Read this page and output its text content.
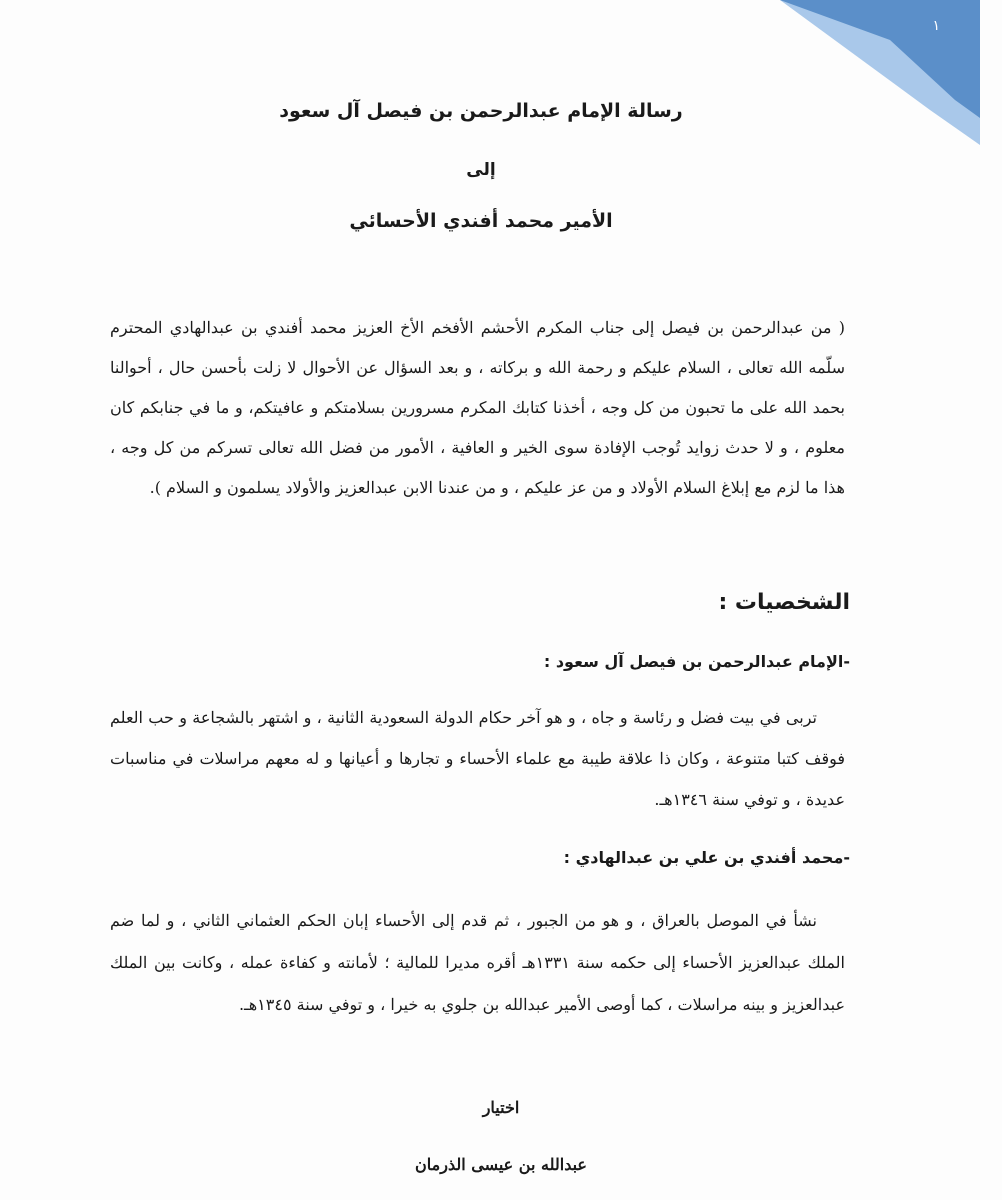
١
رسالة الإمام عبدالرحمن بن فيصل آل سعود
إلى
الأمير محمد أفندي الأحسائي
( من عبدالرحمن بن فيصل إلى جناب المكرم الأحشم الأفخم الأخ العزيز محمد أفندي بن عبدالهادي المحترم سلّمه الله تعالى ، السلام عليكم و رحمة الله و بركاته ، و بعد السؤال عن الأحوال لا زلت بأحسن حال ، أحوالنا بحمد الله على ما تحبون من كل وجه ، أخذنا كتابك المكرم مسرورين بسلامتكم و عافيتكم، و ما في جنابكم كان معلوم ، و لا حدث زوايد تُوجب الإفادة سوى الخير و العافية ، الأمور من فضل الله تعالى تسركم من كل وجه ، هذا ما لزم مع إبلاغ السلام الأولاد و من عز عليكم ، و من عندنا الابن عبدالعزيز والأولاد يسلمون و السلام ).
الشخصيات :
-الإمام عبدالرحمن بن فيصل آل سعود :
تربى في بيت فضل و رئاسة و جاه ، و هو آخر حكام الدولة السعودية الثانية ، و اشتهر بالشجاعة و حب العلم فوقف كتبا متنوعة ، وكان ذا علاقة طيبة مع علماء الأحساء و تجارها و أعيانها و له معهم مراسلات في مناسبات عديدة ، و توفي سنة ١٣٤٦هـ.
-محمد أفندي بن علي بن عبدالهادي :
نشأ في الموصل بالعراق ، و هو من الجبور ، ثم قدم إلى الأحساء إبان الحكم العثماني الثاني ، و لما ضم الملك عبدالعزيز الأحساء إلى حكمه سنة ١٣٣١هـ أقره مديرا للمالية ؛ لأمانته و كفاءة عمله ، وكانت بين الملك عبدالعزيز و بينه مراسلات ، كما أوصى الأمير عبدالله بن جلوي به خيرا ، و توفي سنة ١٣٤٥هـ.
اختيار
عبدالله بن عيسى الذرمان
